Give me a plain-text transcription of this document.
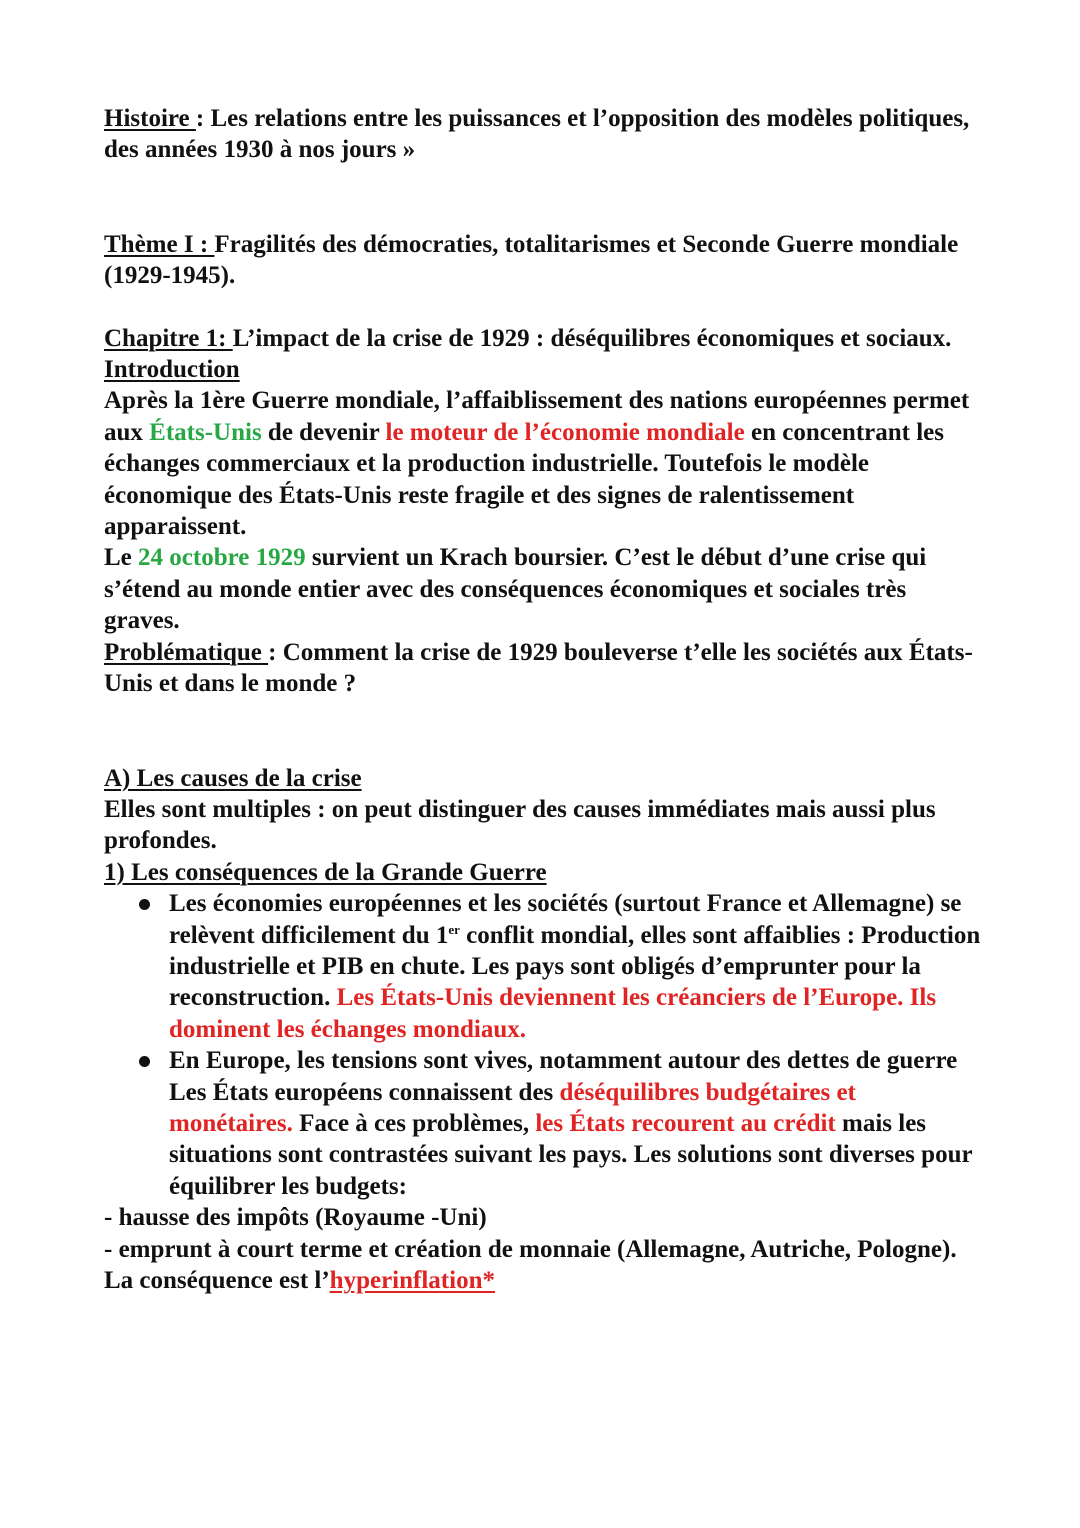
Histoire : Les relations entre les puissances et l’opposition des modèles politiques, des années 1930 à nos jours »

Thème I : Fragilités des démocraties, totalitarismes et Seconde Guerre mondiale (1929-1945).

Chapitre 1: L’impact de la crise de 1929 : déséquilibres économiques et sociaux.

Introduction

Après la 1ère Guerre mondiale, l’affaiblissement des nations européennes permet aux États-Unis de devenir le moteur de l’économie mondiale en concentrant les échanges commerciaux et la production industrielle. Toutefois le modèle économique des États-Unis reste fragile et des signes de ralentissement apparaissent.

Le 24 octobre 1929 survient un Krach boursier. C’est le début d’une crise qui s’étend au monde entier avec des conséquences économiques et sociales très graves.

Problématique : Comment la crise de 1929 bouleverse t’elle les sociétés aux États-Unis et dans le monde ?

A) Les causes de la crise

Elles sont multiples : on peut distinguer des causes immédiates mais aussi plus profondes.

1) Les conséquences de la Grande Guerre

Les économies européennes et les sociétés (surtout France et Allemagne) se relèvent difficilement du 1er conflit mondial, elles sont affaiblies : Production industrielle et PIB en chute. Les pays sont obligés d’emprunter pour la reconstruction. Les États-Unis deviennent les créanciers de l’Europe. Ils dominent les échanges mondiaux.
En Europe, les tensions sont vives, notamment autour des dettes de guerre Les États européens connaissent des déséquilibres budgétaires et monétaires. Face à ces problèmes, les États recourent au crédit mais les situations sont contrastées suivant les pays. Les solutions sont diverses pour équilibrer les budgets:

- hausse des impôts (Royaume -Uni)

- emprunt à court terme et création de monnaie (Allemagne, Autriche, Pologne).

La conséquence est l’hyperinflation*
